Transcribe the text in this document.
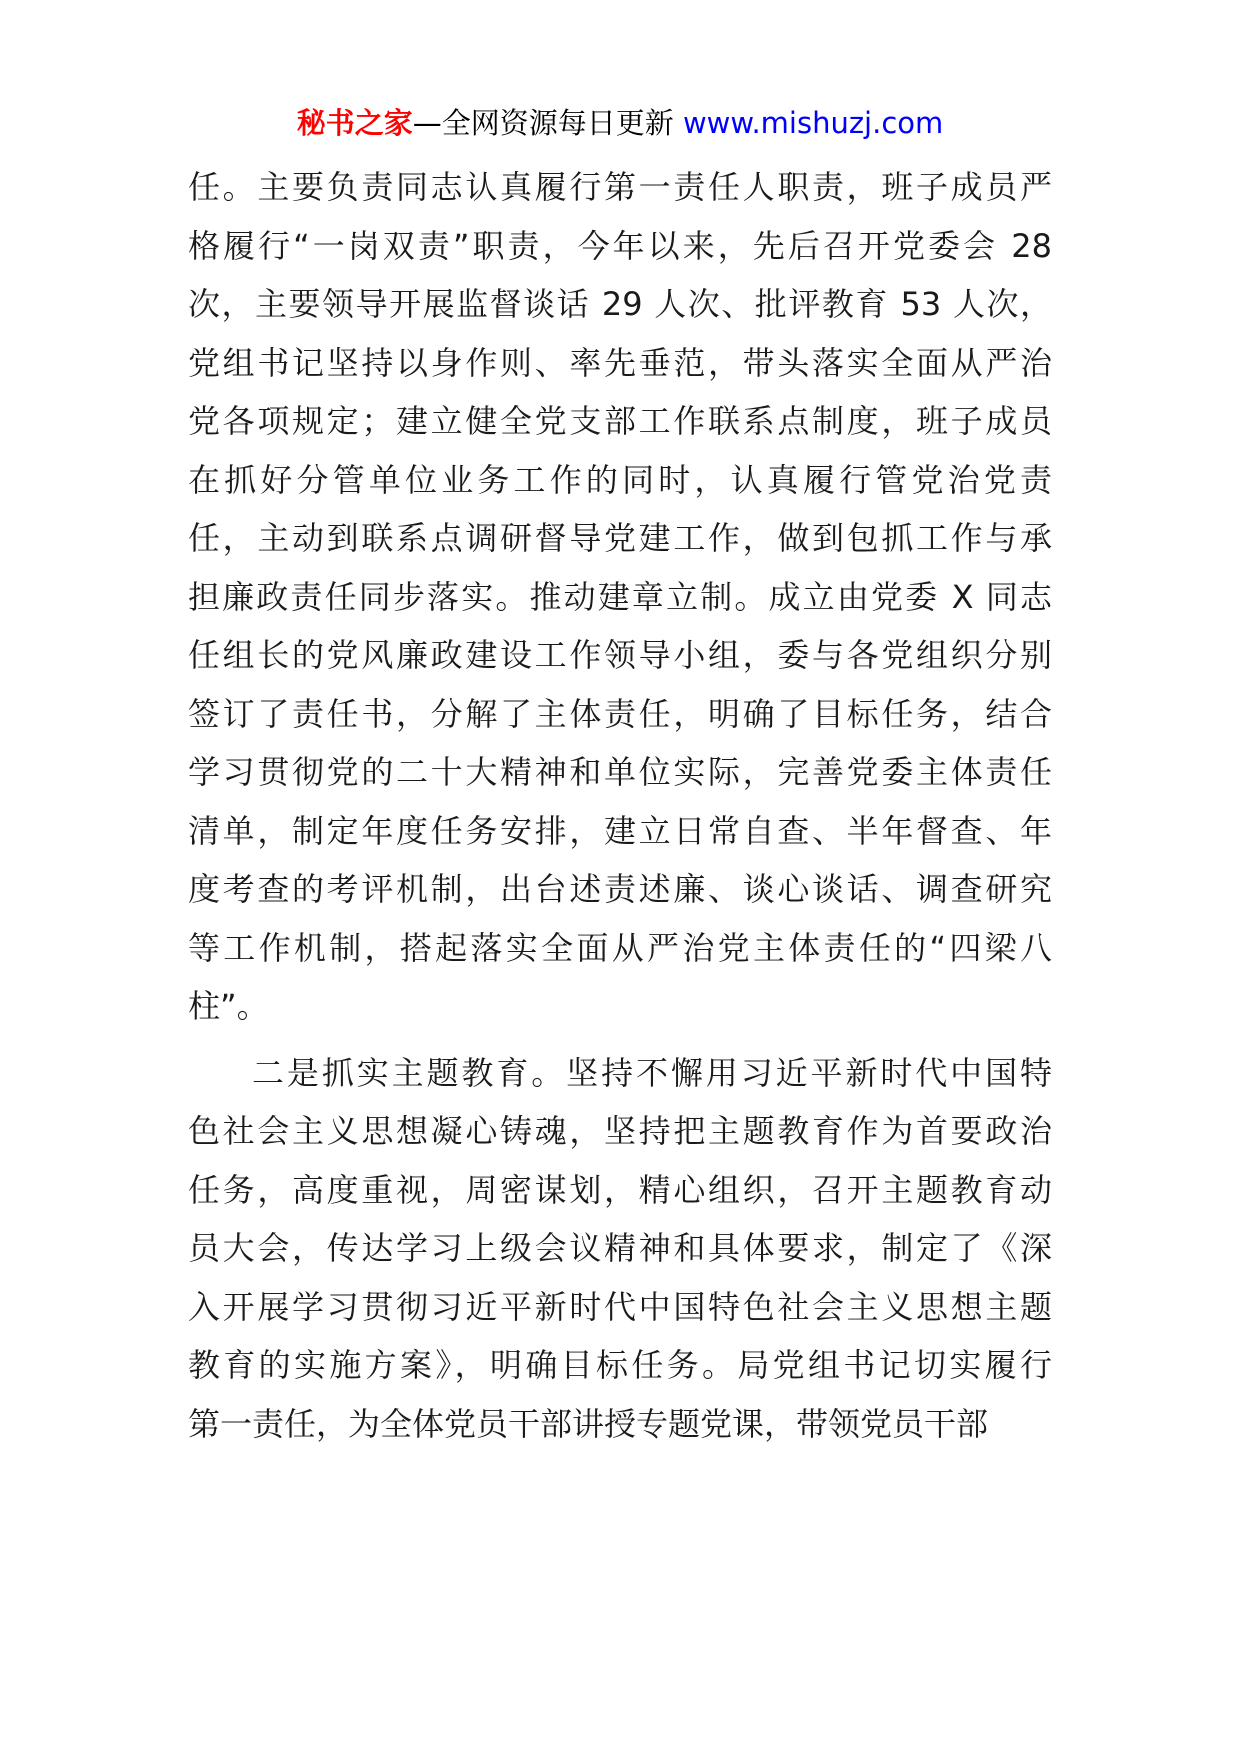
秘书之家—全网资源每日更新 www.mishuzj.com
任。主要负责同志认真履行第一责任人职责，班子成员严
格履行“一岗双责”职责，今年以来，先后召开党委会 28
次，主要领导开展监督谈话 29 人次、批评教育 53 人次，
党组书记坚持以身作则、率先垂范，带头落实全面从严治
党各项规定；建立健全党支部工作联系点制度，班子成员
在抓好分管单位业务工作的同时，认真履行管党治党责
任，主动到联系点调研督导党建工作，做到包抓工作与承
担廉政责任同步落实。推动建章立制。成立由党委 X 同志
任组长的党风廉政建设工作领导小组，委与各党组织分别
签订了责任书，分解了主体责任，明确了目标任务，结合
学习贯彻党的二十大精神和单位实际，完善党委主体责任
清单，制定年度任务安排，建立日常自查、半年督查、年
度考查的考评机制，出台述责述廉、谈心谈话、调查研究
等工作机制，搭起落实全面从严治党主体责任的“四梁八
柱”。
二是抓实主题教育。坚持不懈用习近平新时代中国特
色社会主义思想凝心铸魂，坚持把主题教育作为首要政治
任务，高度重视，周密谋划，精心组织，召开主题教育动
员大会，传达学习上级会议精神和具体要求，制定了《深
入开展学习贯彻习近平新时代中国特色社会主义思想主题
教育的实施方案》，明确目标任务。局党组书记切实履行
第一责任，为全体党员干部讲授专题党课，带领党员干部
